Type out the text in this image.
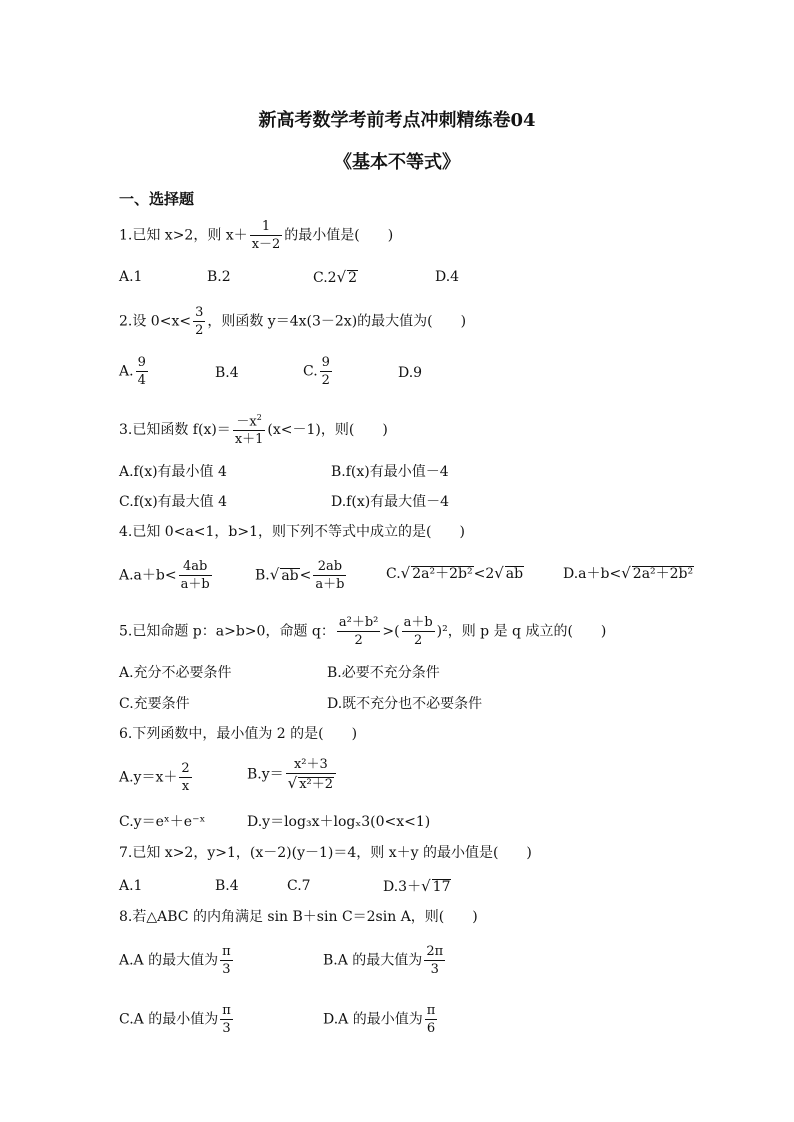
新高考数学考前考点冲刺精练卷04
《基本不等式》
一、选择题
1.已知 x>2，则 $x+ \frac{1}{x-2}$ 的最小值是(　　)
A.1	B.2	C.2√ 2	D.4
2.设 $0<x< \frac{3}{2}$ ，则函数 y＝4x(3－2x)的最大值为(　　)
A. $\frac{9}{4}$	B.4	C. $\frac{9}{2}$	D.9
3.已知函数 $f(x)= \frac{-x^2}{x+1} (x<-1)$，则(　　)
A.f(x)有最小值 4	B.f(x)有最小值－4
C.f(x)有最大值 4	D.f(x)有最大值－4
4.已知 0<a<1，b>1，则下列不等式中成立的是(　　)
$A.a+b< \frac{4ab}{a+b}$	B.√ $ab< \frac{2ab}{a+b}$	C.√ 2a²＋2b²<2√ ab	D.a＋b<√ 2a²＋2b²
5.已知命题 p：a>b>0，命题 q： $\frac{\text{a²＋b²}}{2}$ >( $\frac{a+b}{2} )^2$，则 p 是 q 成立的(　　)
A.充分不必要条件	B.必要不充分条件
C.充要条件	D.既不充分也不必要条件
6.下列函数中，最小值为 2 的是(　　)
$A.y=x+ \frac{2}{x}$	$B.y= \frac{\text{x²＋3}}{\text{√ x²＋2}}$
C.y＝eˣ＋e⁻ˣ	D.y＝log₃x＋logₓ3(0<x<1)
7.已知 x>2，y>1，(x－2)(y－1)＝4，则 x＋y 的最小值是(　　)
A.1	B.4	C.7	D.3＋√ 17
8.若△ABC 的内角满足 sin B＋sin C＝2sin A，则(　　)
A.A 的最大值为 $\frac{\pi}{3}$	B.A 的最大值为 $\frac{2\pi}{3}$
C.A 的最小值为 $\frac{\pi}{3}$	D.A 的最小值为 $\frac{\pi}{6}$
